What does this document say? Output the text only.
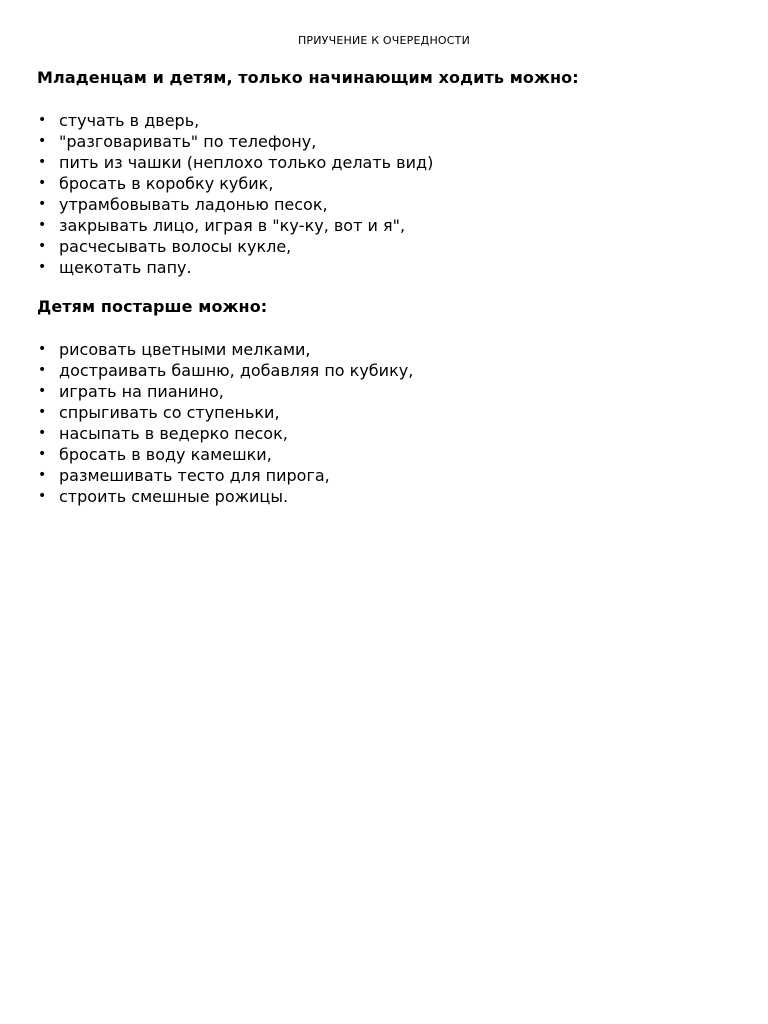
ПРИУЧЕНИЕ К ОЧЕРЕДНОСТИ
Младенцам и детям, только начинающим ходить можно:
• стучать в дверь,
• "разговаривать" по телефону,
• пить из чашки (неплохо только делать вид)
• бросать в коробку кубик,
• утрамбовывать ладонью песок,
• закрывать лицо, играя в "ку-ку, вот и я",
• расчесывать волосы кукле,
• щекотать папу.
Детям постарше можно:
• рисовать цветными мелками,
• достраивать башню, добавляя по кубику,
• играть на пианино,
• спрыгивать со ступеньки,
• насыпать в ведерко песок,
• бросать в воду камешки,
• размешивать тесто для пирога,
• строить смешные рожицы.
